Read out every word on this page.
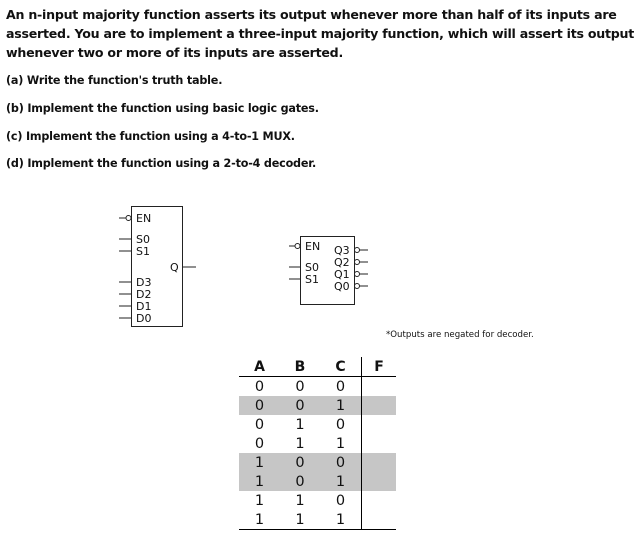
An n-input majority function asserts its output whenever more than half of its inputs are asserted. You are to implement a three-input majority function, which will assert its output whenever two or more of its inputs are asserted.
(a) Write the function's truth table.
(b) Implement the function using basic logic gates.
(c) Implement the function using a 4-to-1 MUX.
(d) Implement the function using a 2-to-4 decoder.
EN
S0
S1
D3
D2
D1
D0
Q
EN
S0
S1
Q3
Q2
Q1
Q0
*Outputs are negated for decoder.
A	B	C	F
0	0	0	
0	0	1	
0	1	0	
0	1	1	
1	0	0	
1	0	1	
1	1	0	
1	1	1	
